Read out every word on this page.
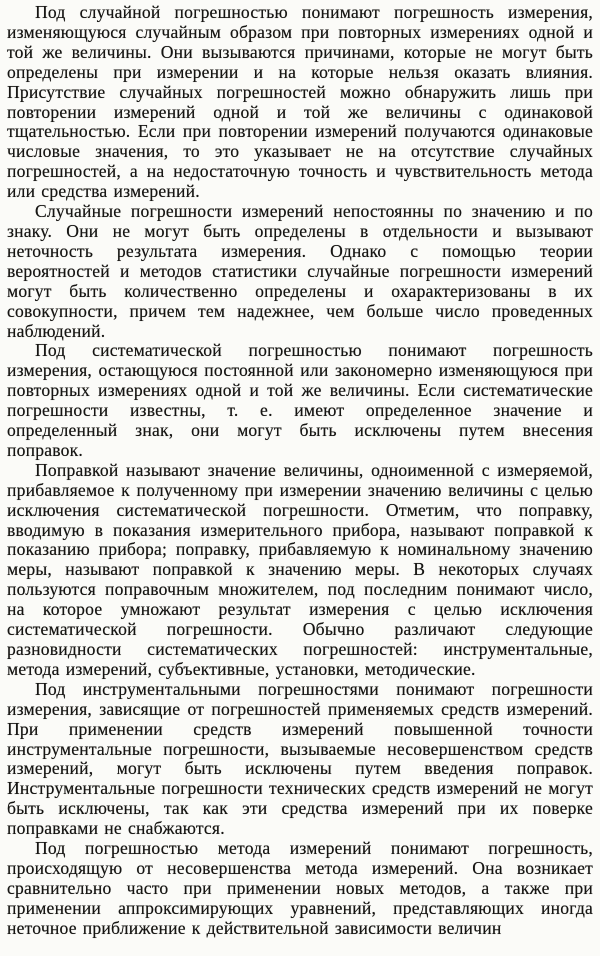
Под случайной погрешностью понимают погрешность измерения, изменяющуюся случайным образом при повторных измерениях одной и той же величины. Они вызываются причинами, которые не могут быть определены при измерении и на которые нельзя оказать влияния. Присутствие случайных погрешностей можно обнаружить лишь при повторении измерений одной и той же величины с одинаковой тщательностью. Если при повторении измерений получаются одинаковые числовые значения, то это указывает не на отсутствие случайных погрешностей, а на недостаточную точность и чувствительность метода или средства измерений.

Случайные погрешности измерений непостоянны по значению и по знаку. Они не могут быть определены в отдельности и вызывают неточность результата измерения. Однако с помощью теории вероятностей и методов статистики случайные погрешности измерений могут быть количественно определены и охарактеризованы в их совокупности, причем тем надежнее, чем больше число проведенных наблюдений.

Под систематической погрешностью понимают погрешность измерения, остающуюся постоянной или закономерно изменяющуюся при повторных измерениях одной и той же величины. Если систематические погрешности известны, т. е. имеют определенное значение и определенный знак, они могут быть исключены путем внесения поправок.

Поправкой называют значение величины, одноименной с измеряемой, прибавляемое к полученному при измерении значению величины с целью исключения систематической погрешности. Отметим, что поправку, вводимую в показания измерительного прибора, называют поправкой к показанию прибора; поправку, прибавляемую к номинальному значению меры, называют поправкой к значению меры. В некоторых случаях пользуются поправочным множителем, под последним понимают число, на которое умножают результат измерения с целью исключения систематической погрешности. Обычно различают следующие разновидности систематических погрешностей: инструментальные, метода измерений, субъективные, установки, методические.

Под инструментальными погрешностями понимают погрешности измерения, зависящие от погрешностей применяемых средств измерений. При применении средств измерений повышенной точности инструментальные погрешности, вызываемые несовершенством средств измерений, могут быть исключены путем введения поправок. Инструментальные погрешности технических средств измерений не могут быть исключены, так как эти средства измерений при их поверке поправками не снабжаются.

Под погрешностью метода измерений понимают погрешность, происходящую от несовершенства метода измерений. Она возникает сравнительно часто при применении новых методов, а также при применении аппроксимирующих уравнений, представляющих иногда неточное приближение к действительной зависимости величин
